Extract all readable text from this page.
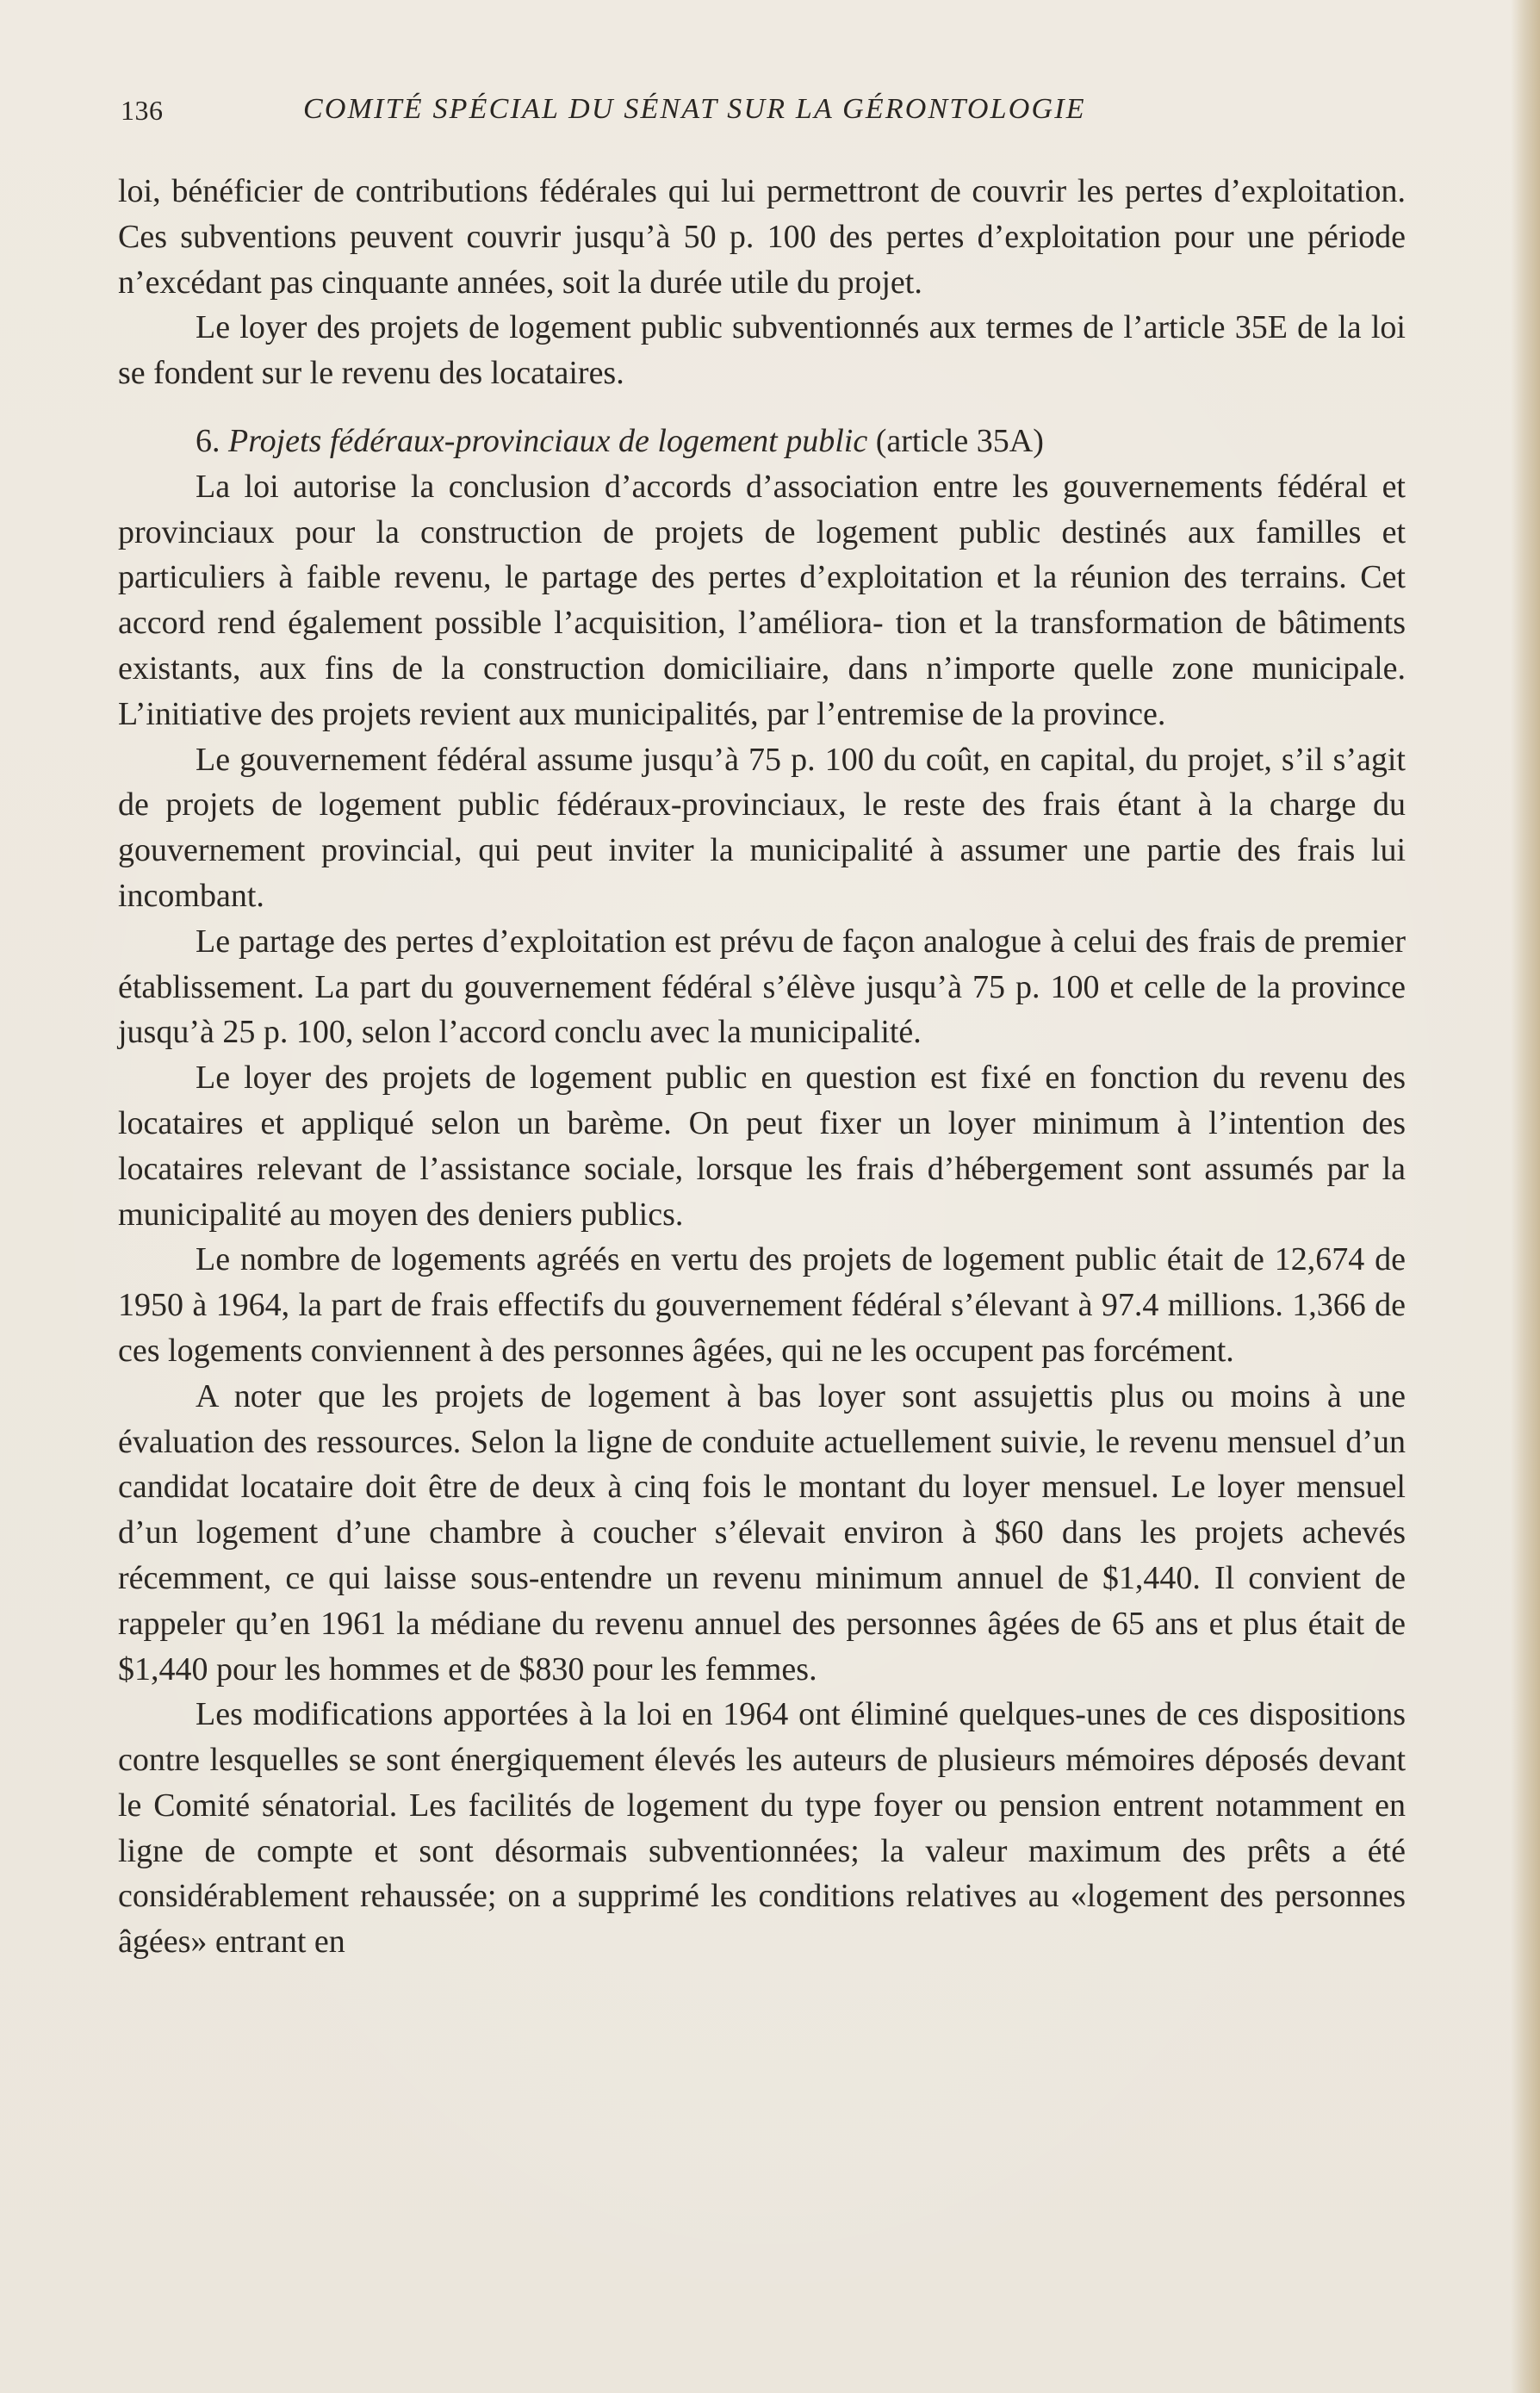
136	COMITÉ SPÉCIAL DU SÉNAT SUR LA GÉRONTOLOGIE

loi, bénéficier de contributions fédérales qui lui permettront de couvrir les pertes d’exploitation. Ces subventions peuvent couvrir jusqu’à 50 p. 100 des pertes d’exploitation pour une période n’excédant pas cinquante années, soit la durée utile du projet.

Le loyer des projets de logement public subventionnés aux termes de l’article 35E de la loi se fondent sur le revenu des locataires.

6. Projets fédéraux-provinciaux de logement public (article 35A)

La loi autorise la conclusion d’accords d’association entre les gouvernements fédéral et provinciaux pour la construction de projets de logement public destinés aux familles et particuliers à faible revenu, le partage des pertes d’exploitation et la réunion des terrains. Cet accord rend également possible l’acquisition, l’améliora- tion et la transformation de bâtiments existants, aux fins de la construction domiciliaire, dans n’importe quelle zone municipale. L’initiative des projets revient aux municipalités, par l’entremise de la province.

Le gouvernement fédéral assume jusqu’à 75 p. 100 du coût, en capital, du projet, s’il s’agit de projets de logement public fédéraux-provinciaux, le reste des frais étant à la charge du gouvernement provincial, qui peut inviter la municipalité à assumer une partie des frais lui incombant.

Le partage des pertes d’exploitation est prévu de façon analogue à celui des frais de premier établissement. La part du gouvernement fédéral s’élève jusqu’à 75 p. 100 et celle de la province jusqu’à 25 p. 100, selon l’accord conclu avec la municipalité.

Le loyer des projets de logement public en question est fixé en fonction du revenu des locataires et appliqué selon un barème. On peut fixer un loyer minimum à l’intention des locataires relevant de l’assistance sociale, lorsque les frais d’hébergement sont assumés par la municipalité au moyen des deniers publics.

Le nombre de logements agréés en vertu des projets de logement public était de 12,674 de 1950 à 1964, la part de frais effectifs du gouvernement fédéral s’élevant à 97.4 millions. 1,366 de ces logements conviennent à des personnes âgées, qui ne les occupent pas forcément.

A noter que les projets de logement à bas loyer sont assujettis plus ou moins à une évaluation des ressources. Selon la ligne de conduite actuellement suivie, le revenu mensuel d’un candidat locataire doit être de deux à cinq fois le montant du loyer mensuel. Le loyer mensuel d’un logement d’une chambre à coucher s’élevait environ à $60 dans les projets achevés récemment, ce qui laisse sous-entendre un revenu minimum annuel de $1,440. Il convient de rappeler qu’en 1961 la médiane du revenu annuel des personnes âgées de 65 ans et plus était de $1,440 pour les hommes et de $830 pour les femmes.

Les modifications apportées à la loi en 1964 ont éliminé quelques-unes de ces dispositions contre lesquelles se sont énergiquement élevés les auteurs de plusieurs mémoires déposés devant le Comité sénatorial. Les facilités de logement du type foyer ou pension entrent notamment en ligne de compte et sont désormais subventionnées; la valeur maximum des prêts a été considérablement rehaussée; on a supprimé les conditions relatives au «logement des personnes âgées» entrant en
